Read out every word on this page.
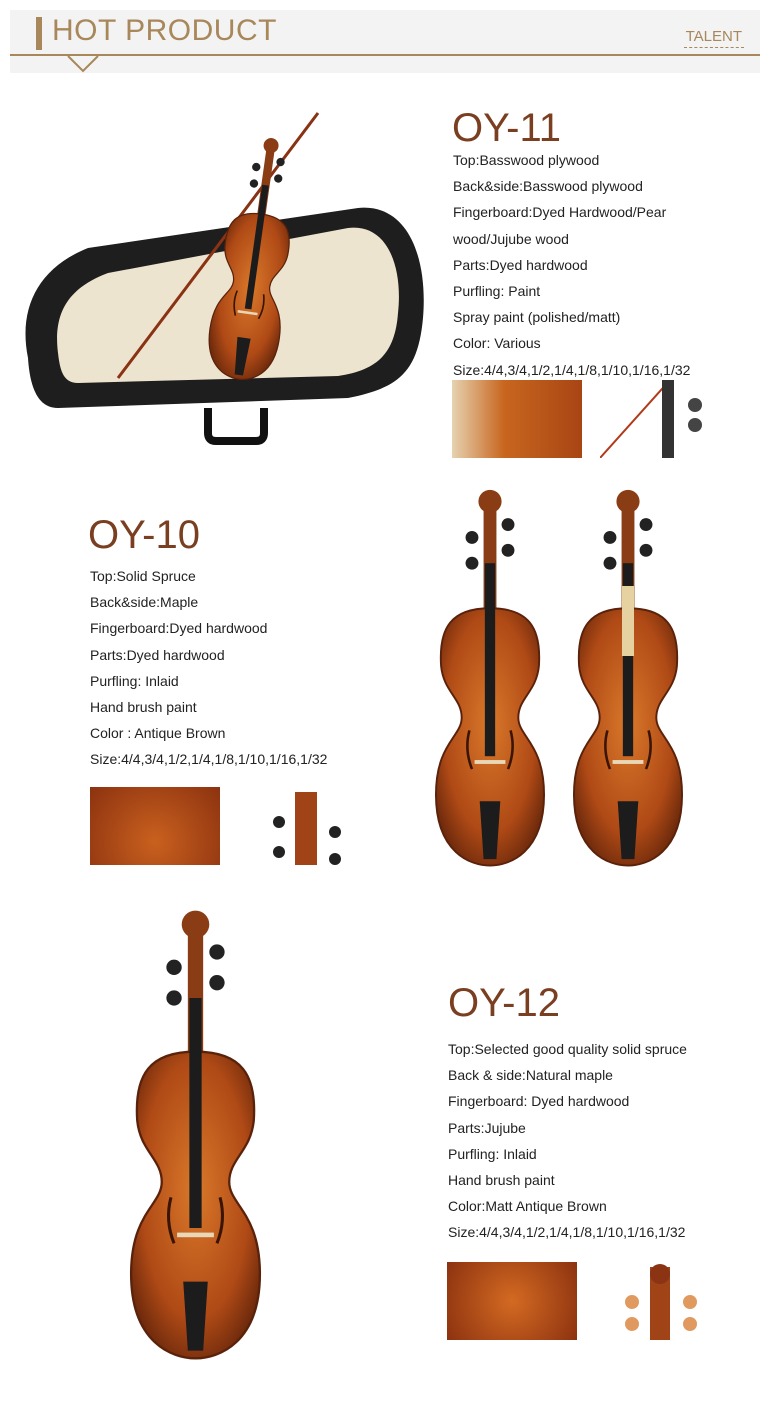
HOT PRODUCT	TALENT
OY-11
Top:Basswood plywood
Back&side:Basswood plywood
Fingerboard:Dyed Hardwood/Pear
wood/Jujube wood
Parts:Dyed hardwood
Purfling: Paint
Spray paint (polished/matt)
Color: Various
Size:4/4,3/4,1/2,1/4,1/8,1/10,1/16,1/32
OY-10
Top:Solid Spruce
Back&side:Maple
Fingerboard:Dyed hardwood
Parts:Dyed hardwood
Purfling: Inlaid
Hand brush paint
Color : Antique Brown
Size:4/4,3/4,1/2,1/4,1/8,1/10,1/16,1/32
OY-12
Top:Selected good quality solid spruce
Back & side:Natural maple
Fingerboard: Dyed hardwood
Parts:Jujube
Purfling: Inlaid
Hand brush paint
Color:Matt Antique Brown
Size:4/4,3/4,1/2,1/4,1/8,1/10,1/16,1/32
